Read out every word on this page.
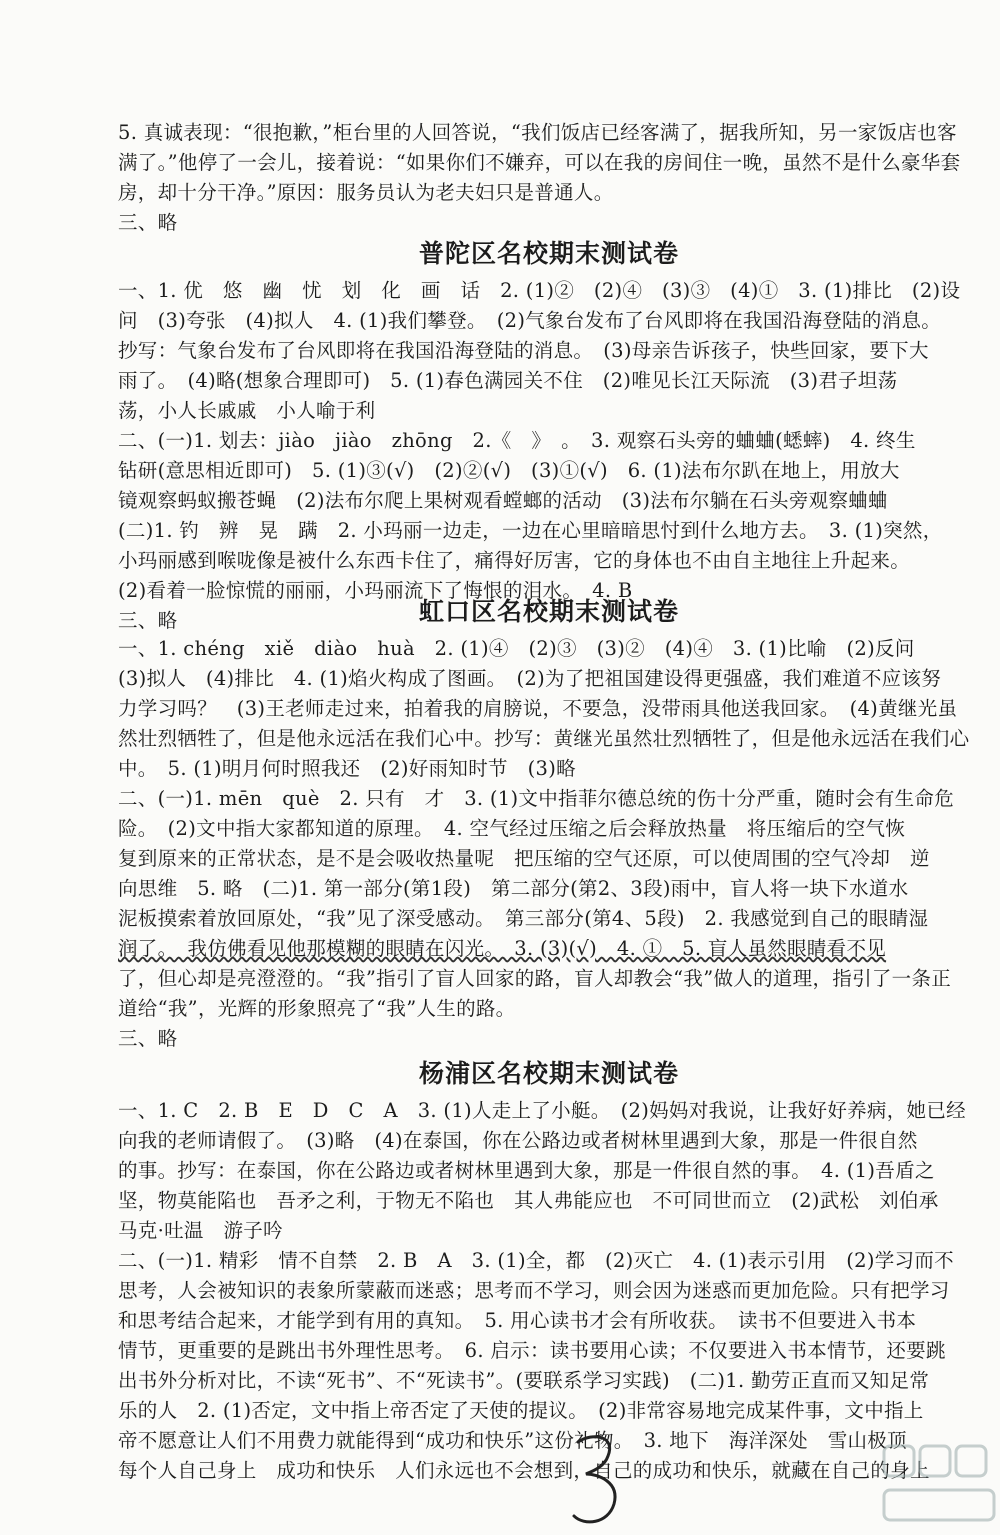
5. 真诚表现：“很抱歉，”柜台里的人回答说，“我们饭店已经客满了，据我所知，另一家饭店也客
满了。”他停了一会儿，接着说：“如果你们不嫌弃，可以在我的房间住一晚，虽然不是什么豪华套
房，却十分干净。”原因：服务员认为老夫妇只是普通人。
三、略
普陀区名校期末测试卷
一、1. 优　悠　幽　忧　划　化　画　话　2. (1)②　(2)④　(3)③　(4)①　3. (1)排比　(2)设
问　(3)夸张　(4)拟人　4. (1)我们攀登。　(2)气象台发布了台风即将在我国沿海登陆的消息。
抄写：气象台发布了台风即将在我国沿海登陆的消息。　(3)母亲告诉孩子，快些回家，要下大
雨了。　(4)略(想象合理即可)　5. (1)春色满园关不住　(2)唯见长江天际流　(3)君子坦荡
荡，小人长戚戚　小人喻于利
二、(一)1. 划去：jiào　jiào　zhōng　2.《　》　。　3. 观察石头旁的蛐蛐(蟋蟀)　4. 终生
钻研(意思相近即可)　5. (1)③(√)　(2)②(√)　(3)①(√)　6. (1)法布尔趴在地上，用放大
镜观察蚂蚁搬苍蝇　(2)法布尔爬上果树观看螳螂的活动　(3)法布尔躺在石头旁观察蛐蛐
(二)1. 钓　辨　晃　蹒　2. 小玛丽一边走，一边在心里暗暗思忖到什么地方去。　3. (1)突然，
小玛丽感到喉咙像是被什么东西卡住了，痛得好厉害，它的身体也不由自主地往上升起来。
(2)看着一脸惊慌的丽丽，小玛丽流下了悔恨的泪水。　4. B
三、略	虹口区名校期末测试卷
一、1. chéng　xiě　diào　huà　2. (1)④　(2)③　(3)②　(4)④　3. (1)比喻　(2)反问
(3)拟人　(4)排比　4. (1)焰火构成了图画。　(2)为了把祖国建设得更强盛，我们难道不应该努
力学习吗？　(3)王老师走过来，拍着我的肩膀说，不要急，没带雨具他送我回家。　(4)黄继光虽
然壮烈牺牲了，但是他永远活在我们心中。抄写：黄继光虽然壮烈牺牲了，但是他永远活在我们心
中。　5. (1)明月何时照我还　(2)好雨知时节　(3)略
二、(一)1. mēn　què　2. 只有　才　3. (1)文中指菲尔德总统的伤十分严重，随时会有生命危
险。　(2)文中指大家都知道的原理。　4. 空气经过压缩之后会释放热量　将压缩后的空气恢
复到原来的正常状态，是不是会吸收热量呢　把压缩的空气还原，可以使周围的空气冷却　逆
向思维　5. 略　(二)1. 第一部分(第1段)　第二部分(第2、3段)雨中，盲人将一块下水道水
泥板摸索着放回原处，“我”见了深受感动。　第三部分(第4、5段)　2. 我感觉到自己的眼睛湿
润了。　我仿佛看见他那模糊的眼睛在闪光。　3. (3)(√)　4. ①　5. 盲人虽然眼睛看不见
了，但心却是亮澄澄的。“我”指引了盲人回家的路，盲人却教会“我”做人的道理，指引了一条正
道给“我”，光辉的形象照亮了“我”人生的路。
三、略
杨浦区名校期末测试卷
一、1. C　2. B　E　D　C　A　3. (1)人走上了小艇。　(2)妈妈对我说，让我好好养病，她已经
向我的老师请假了。　(3)略　(4)在泰国，你在公路边或者树林里遇到大象，那是一件很自然
的事。抄写：在泰国，你在公路边或者树林里遇到大象，那是一件很自然的事。　4. (1)吾盾之
坚，物莫能陷也　吾矛之利，于物无不陷也　其人弗能应也　不可同世而立　(2)武松　刘伯承
马克·吐温　游子吟
二、(一)1. 精彩　情不自禁　2. B　A　3. (1)全，都　(2)灭亡　4. (1)表示引用　(2)学习而不
思考，人会被知识的表象所蒙蔽而迷惑；思考而不学习，则会因为迷惑而更加危险。只有把学习
和思考结合起来，才能学到有用的真知。　5. 用心读书才会有所收获。　读书不但要进入书本
情节，更重要的是跳出书外理性思考。　6. 启示：读书要用心读；不仅要进入书本情节，还要跳
出书外分析对比，不读“死书”、不“死读书”。(要联系学习实践)　(二)1. 勤劳正直而又知足常
乐的人　2. (1)否定，文中指上帝否定了天使的提议。　(2)非常容易地完成某件事，文中指上
帝不愿意让人们不用费力就能得到“成功和快乐”这份礼物。　3. 地下　海洋深处　雪山极顶
每个人自己身上　成功和快乐　人们永远也不会想到，自己的成功和快乐，就藏在自己的身上
